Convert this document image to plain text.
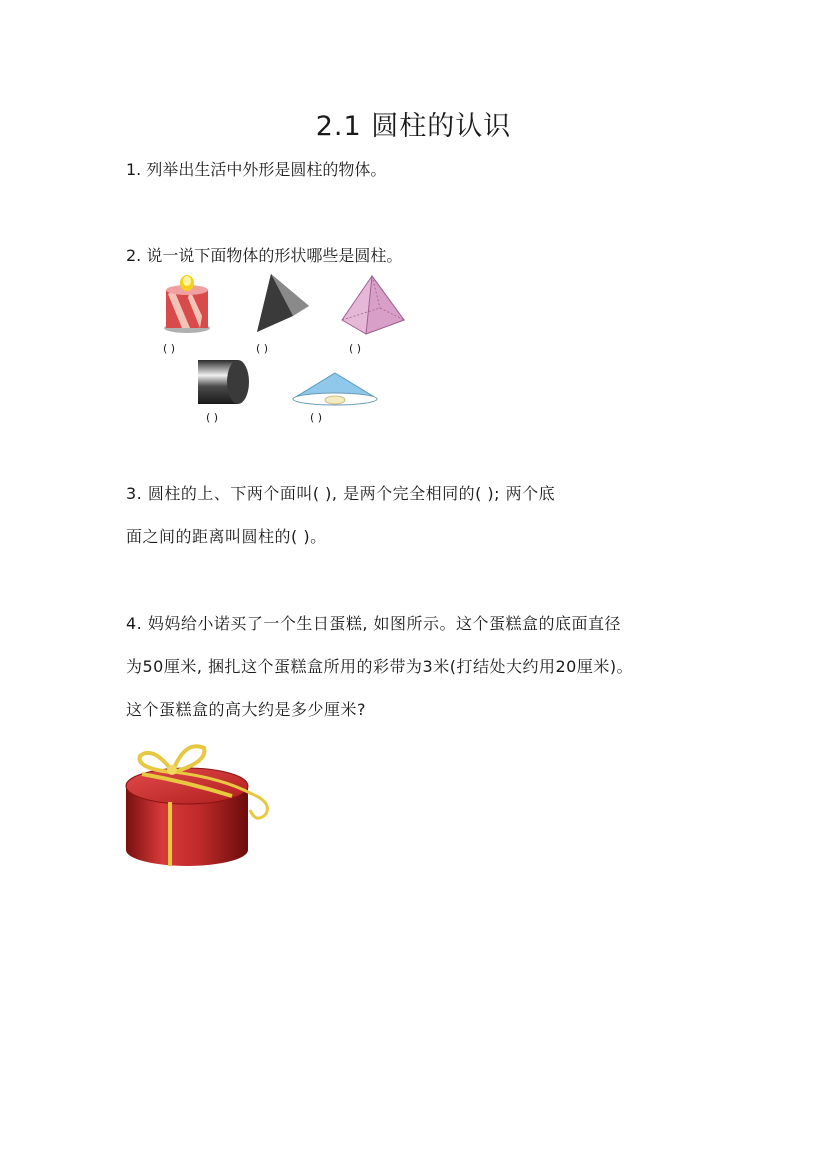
2.1 圆柱的认识
1. 列举出生活中外形是圆柱的物体。
2. 说一说下面物体的形状哪些是圆柱。
( )	( )	( )
( )	( )
3. 圆柱的上、下两个面叫( ), 是两个完全相同的( ); 两个底
面之间的距离叫圆柱的( )。
4. 妈妈给小诺买了一个生日蛋糕, 如图所示。这个蛋糕盒的底面直径
为50厘米, 捆扎这个蛋糕盒所用的彩带为3米(打结处大约用20厘米)。
这个蛋糕盒的高大约是多少厘米?
